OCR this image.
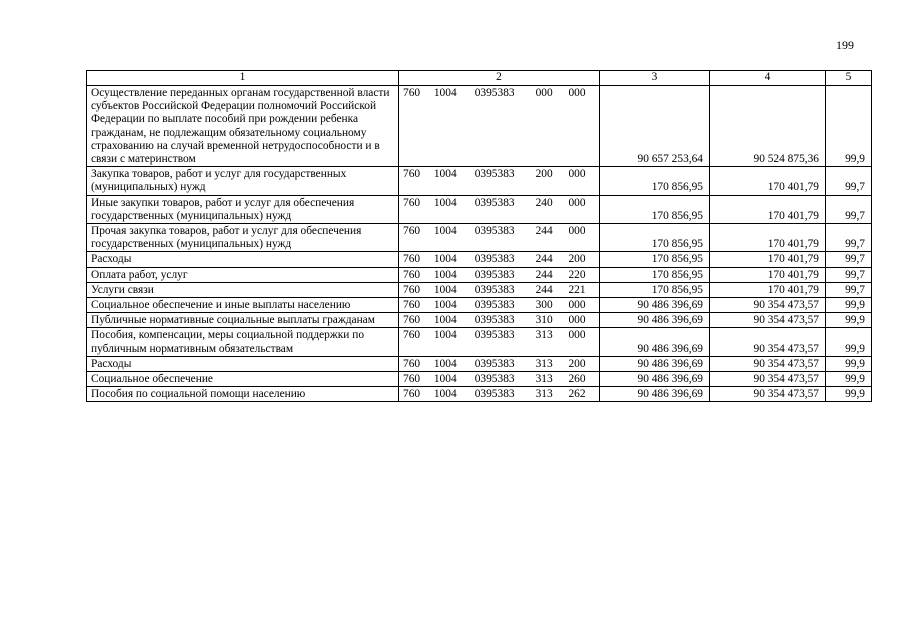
199
1	2	3	4	5
Осуществление переданных органам государственной власти субъектов Российской Федерации полномочий Российской Федерации по выплате пособий при рождении ребенка гражданам, не подлежащим обязательному социальному страхованию на случай временной нетрудоспособности и в связи с материнством	760 1004 0395383 000 000	90 657 253,64	90 524 875,36	99,9
Закупка товаров, работ и услуг для государственных (муниципальных) нужд	760 1004 0395383 200 000	170 856,95	170 401,79	99,7
Иные закупки товаров, работ и услуг для обеспечения государственных (муниципальных) нужд	760 1004 0395383 240 000	170 856,95	170 401,79	99,7
Прочая закупка товаров, работ и услуг для обеспечения государственных (муниципальных) нужд	760 1004 0395383 244 000	170 856,95	170 401,79	99,7
Расходы	760 1004 0395383 244 200	170 856,95	170 401,79	99,7
Оплата работ, услуг	760 1004 0395383 244 220	170 856,95	170 401,79	99,7
Услуги связи	760 1004 0395383 244 221	170 856,95	170 401,79	99,7
Социальное обеспечение и иные выплаты населению	760 1004 0395383 300 000	90 486 396,69	90 354 473,57	99,9
Публичные нормативные социальные выплаты гражданам	760 1004 0395383 310 000	90 486 396,69	90 354 473,57	99,9
Пособия, компенсации, меры социальной поддержки по публичным нормативным обязательствам	760 1004 0395383 313 000	90 486 396,69	90 354 473,57	99,9
Расходы	760 1004 0395383 313 200	90 486 396,69	90 354 473,57	99,9
Социальное обеспечение	760 1004 0395383 313 260	90 486 396,69	90 354 473,57	99,9
Пособия по социальной помощи населению	760 1004 0395383 313 262	90 486 396,69	90 354 473,57	99,9
